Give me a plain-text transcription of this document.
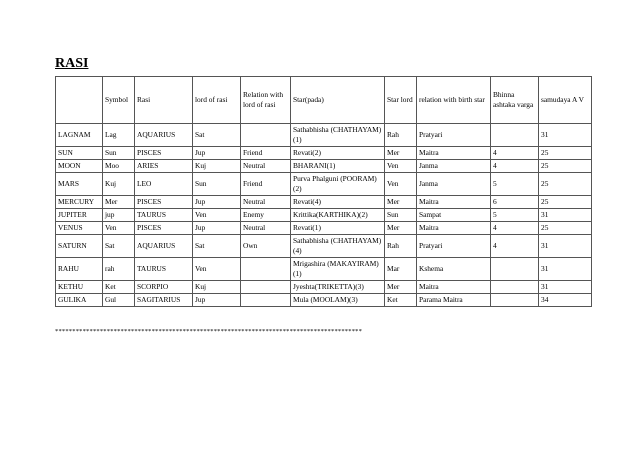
RASI
	Symbol	Rasi	lord of rasi	Relation with lord of rasi	Star(pada)	Star lord	relation with birth star	Bhinna ashtaka varga	samudaya A V
LAGNAM	Lag	AQUARIUS	Sat		Sathabhisha (CHATHAYAM)(1)	Rah	Pratyari		31
SUN	Sun	PISCES	Jup	Friend	Revati(2)	Mer	Maitra	4	25
MOON	Moo	ARIES	Kuj	Neutral	BHARANI(1)	Ven	Janma	4	25
MARS	Kuj	LEO	Sun	Friend	Purva Phalguni (POORAM)(2)	Ven	Janma	5	25
MERCURY	Mer	PISCES	Jup	Neutral	Revati(4)	Mer	Maitra	6	25
JUPITER	jup	TAURUS	Ven	Enemy	Krittika(KARTHIKA)(2)	Sun	Sampat	5	31
VENUS	Ven	PISCES	Jup	Neutral	Revati(1)	Mer	Maitra	4	25
SATURN	Sat	AQUARIUS	Sat	Own	Sathabhisha (CHATHAYAM)(4)	Rah	Pratyari	4	31
RAHU	rah	TAURUS	Ven		Mrigashira (MAKAYIRAM)(1)	Mar	Kshema		31
KETHU	Ket	SCORPIO	Kuj		Jyeshta(TRIKETTA)(3)	Mer	Maitra		31
GULIKA	Gul	SAGITARIUS	Jup		Mula (MOOLAM)(3)	Ket	Parama Maitra		34
*****************************************************************************************
